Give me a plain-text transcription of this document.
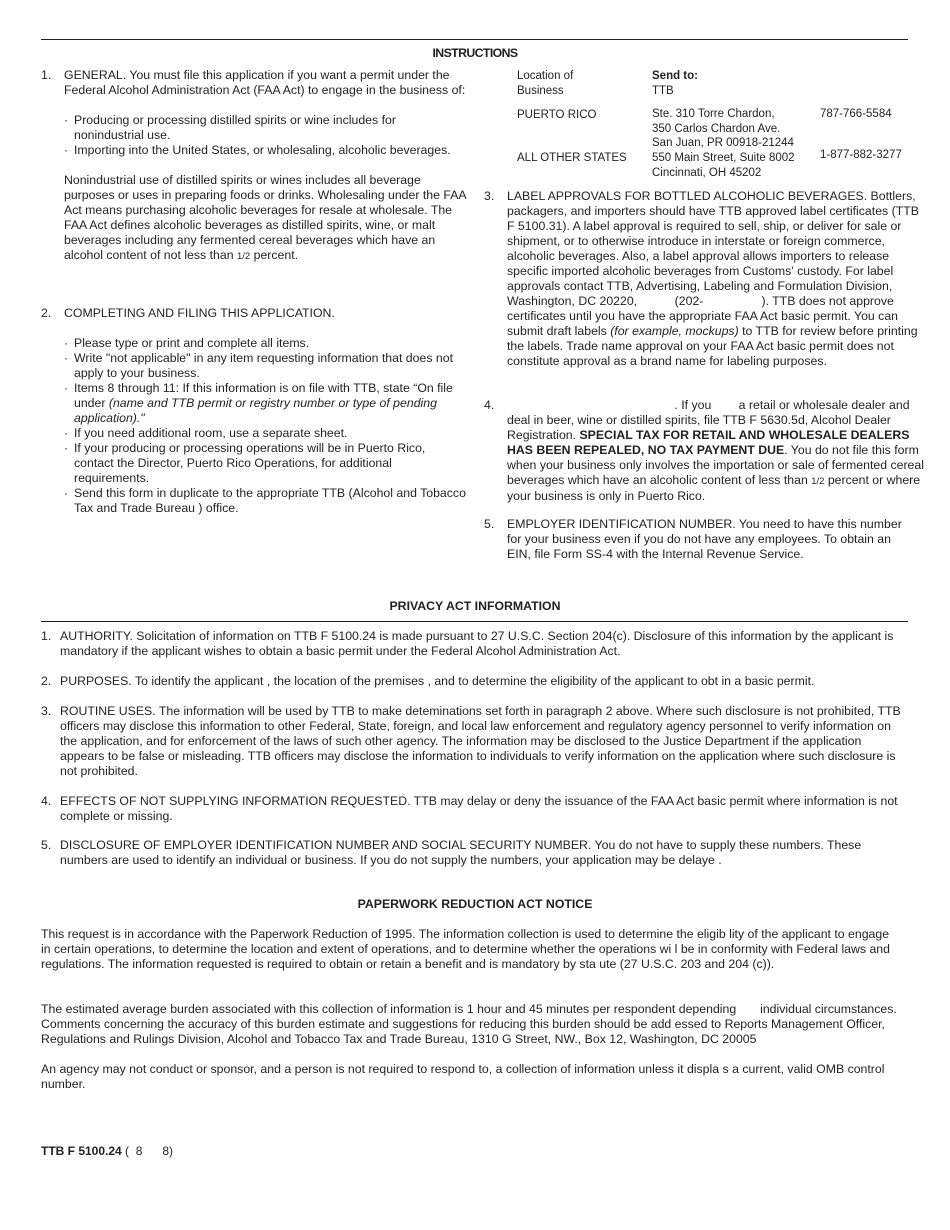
INSTRUCTIONS
1. GENERAL. You must file this application if you want a permit under the Federal Alcohol Administration Act (FAA Act) to engage in the business of:

· Producing or processing distilled spirits or wine includes for nonindustrial use.

· Importing into the United States, or wholesaling, alcoholic beverages.

Nonindustrial use of distilled spirits or wines includes all beverage purposes or uses in preparing foods or drinks. Wholesaling under the FAA Act means purchasing alcoholic beverages for resale at wholesale. The FAA Act defines alcoholic beverages as distilled spirits, wine, or malt beverages including any fermented cereal beverages which have an alcohol content of not less than 1/2 percent.

2. COMPLETING AND FILING THIS APPLICATION.

· Please type or print and complete all items.

· Write "not applicable" in any item requesting information that does not apply to your business.

· Items 8 through 11: If this information is on file with TTB, state “On file under (name and TTB permit or registry number or type of pending application)."

· If you need additional room, use a separate sheet.

· If your producing or processing operations will be in Puerto Rico, contact the Director, Puerto Rico Operations, for additional requirements.

· Send this form in duplicate to the appropriate TTB (Alcohol and Tobacco Tax and Trade Bureau ) office.

Location of
Business
Send to:
TTB
PUERTO RICO	Ste. 310 Torre Chardon,
350 Carlos Chardon Ave.
San Juan, PR 00918-21244
787-766-5584
ALL OTHER STATES 550 Main Street, Suite 8002
Cincinnati, OH 45202
1-877-882-3277
3. LABEL APPROVALS FOR BOTTLED ALCOHOLIC BEVERAGES. Bottlers, packagers, and importers should have TTB approved label certificates (TTB F 5100.31). A label approval is required to sell, ship, or deliver for sale or shipment, or to otherwise introduce in interstate or foreign commerce, alcoholic beverages. Also, a label approval allows importers to release specific imported alcoholic beverages from Customs' custody. For label approvals contact TTB, Advertising, Labeling and Formulation Division, Washington, DC 20220,           (202-                 ). TTB does not approve certificates until you have the appropriate FAA Act basic permit. You can submit draft labels (for example, mockups) to TTB for review before printing the labels. Trade name approval on your FAA Act basic permit does not constitute approval as a brand name for labeling purposes.

4. . If you        a retail or wholesale dealer and deal in beer, wine or distilled spirits, file TTB F 5630.5d, Alcohol Dealer Registration. SPECIAL TAX FOR RETAIL AND WHOLESALE DEALERS HAS BEEN REPEALED, NO TAX PAYMENT DUE. You do not file this form when your business only involves the importation or sale of fermented cereal beverages which have an alcoholic content of less than 1/2 percent or where your business is only in Puerto Rico.

5. EMPLOYER IDENTIFICATION NUMBER. You need to have this number for your business even if you do not have any employees. To obtain an EIN, file Form SS-4 with the Internal Revenue Service.

PRIVACY ACT INFORMATION
1. AUTHORITY. Solicitation of information on TTB F 5100.24 is made pursuant to 27 U.S.C. Section 204(c). Disclosure of this information by the applicant is mandatory if the applicant wishes to obtain a basic permit under the Federal Alcohol Administration Act.

2. PURPOSES. To identify the applicant , the location of the premises , and to determine the eligibility of the applicant to obt in a basic permit.

3. ROUTINE USES. The information will be used by TTB to make deteminations set forth in paragraph 2 above. Where such disclosure is not prohibited, TTB officers may disclose this information to other Federal, State, foreign, and local law enforcement and regulatory agency personnel to verify information on the application, and for enforcement of the laws of such other agency. The information may be disclosed to the Justice Department if the application appears to be false or misleading. TTB officers may disclose the information to individuals to verify information on the application where such disclosure is not prohibited.

4. EFFECTS OF NOT SUPPLYING INFORMATION REQUESTED. TTB may delay or deny the issuance of the FAA Act basic permit where information is not complete or missing.

5. DISCLOSURE OF EMPLOYER IDENTIFICATION NUMBER AND SOCIAL SECURITY NUMBER. You do not have to supply these numbers. These numbers are used to identify an individual or business. If you do not supply the numbers, your application may be delaye .

PAPERWORK REDUCTION ACT NOTICE

This request is in accordance with the Paperwork Reduction of 1995. The information collection is used to determine the eligib lity of the applicant to engage in certain operations, to determine the location and extent of operations, and to determine whether the operations wi l be in conformity with Federal laws and regulations. The information requested is required to obtain or retain a benefit and is mandatory by sta ute (27 U.S.C. 203 and 204 (c)).

The estimated average burden associated with this collection of information is 1 hour and 45 minutes per respondent depending       individual circumstances. Comments concerning the accuracy of this burden estimate and suggestions for reducing this burden should be add essed to Reports Management Officer, Regulations and Rulings Division, Alcohol and Tobacco Tax and Trade Bureau, 1310 G Street, NW., Box 12, Washington, DC 20005

An agency may not conduct or sponsor, and a person is not required to respond to, a collection of information unless it displa s a current, valid OMB control number.

TTB F 5100.24 (  8      8)
